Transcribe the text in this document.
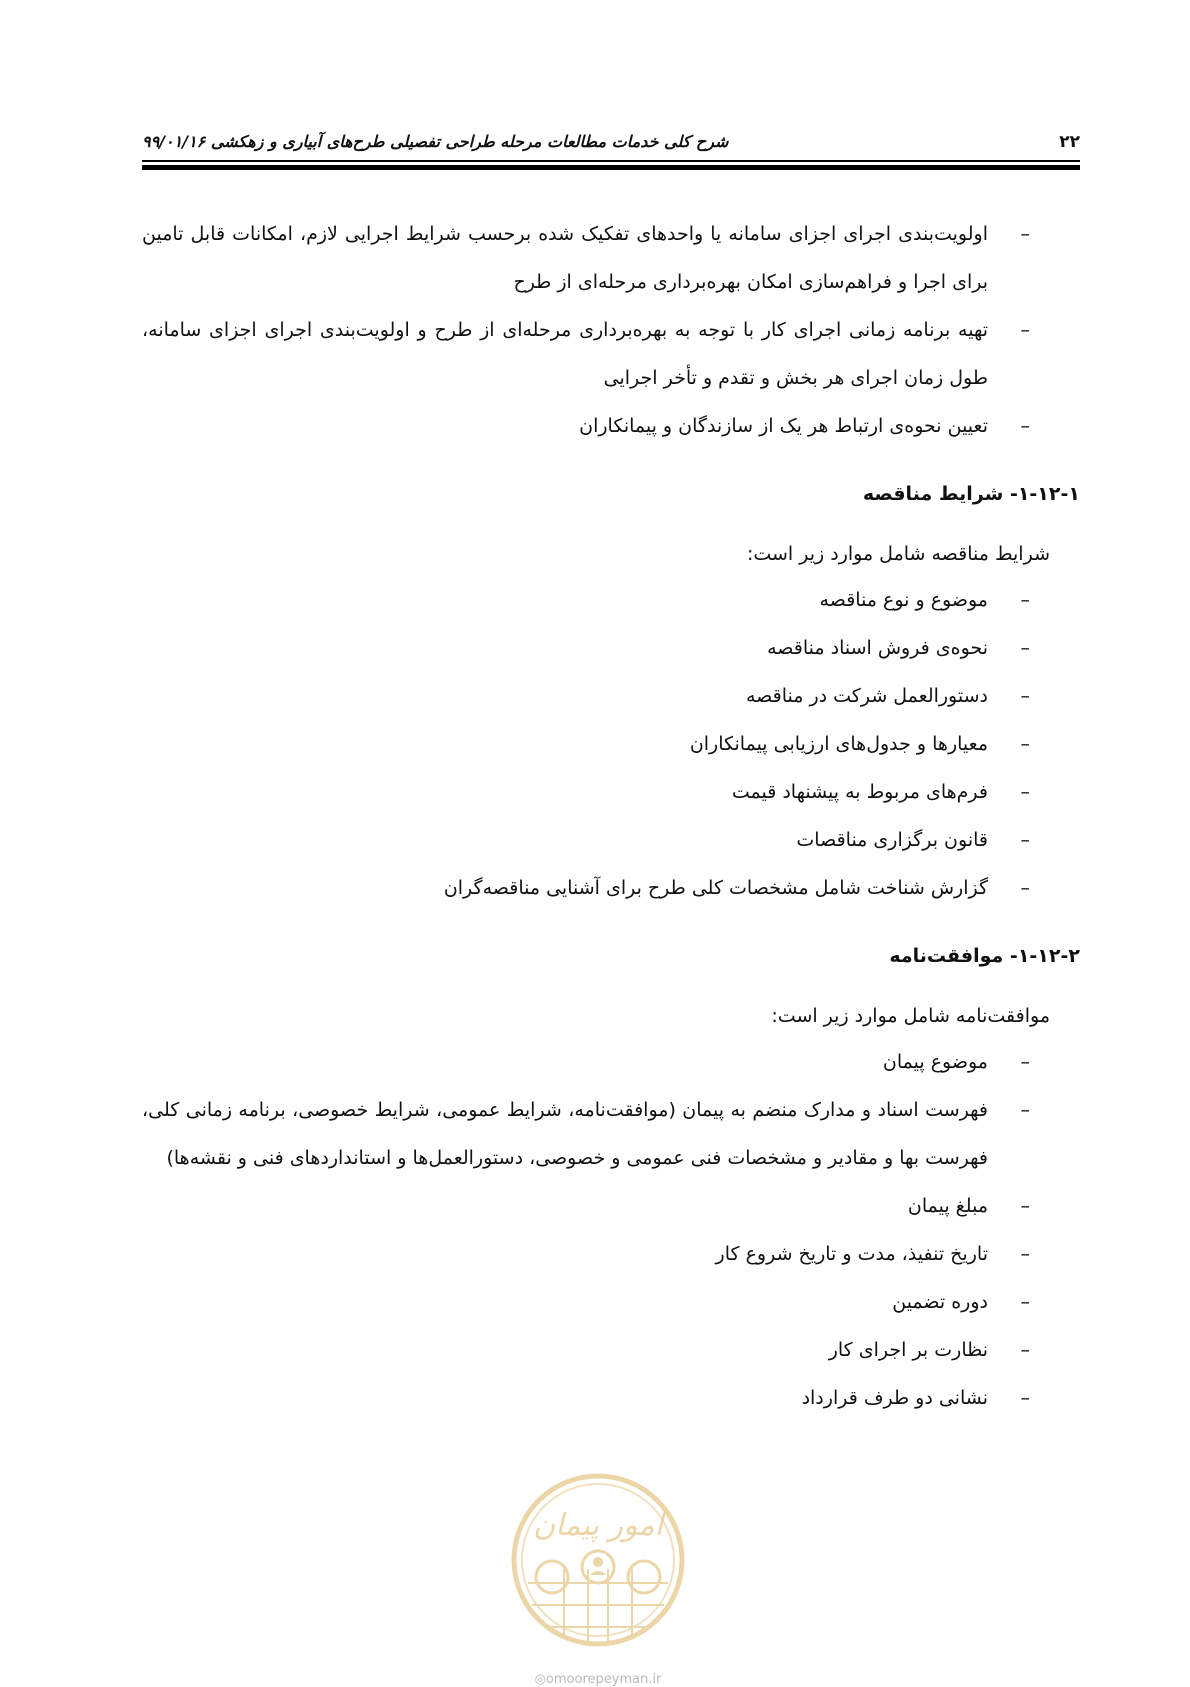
۲۲
شرح کلی خدمات مطالعات مرحله طراحی تفصیلی طرح‌های آبیاری و زهکشی ۹۹/۰۱/۱۶
–
اولویت‌بندی اجرای اجزای سامانه یا واحدهای تفکیک شده برحسب شرایط اجرایی لازم، امکانات قابل تامین برای اجرا و فراهم‌سازی امکان بهره‌برداری مرحله‌ای از طرح
–
تهیه برنامه زمانی اجرای کار با توجه به بهره‌برداری مرحله‌ای از طرح و اولویت‌بندی اجرای اجزای سامانه، طول زمان اجرای هر بخش و تقدم و تأخر اجرایی
–
تعیین نحوه‌ی ارتباط هر یک از سازندگان و پیمانکاران
۱-۱۲-۱- شرایط مناقصه
شرایط مناقصه شامل موارد زیر است:
–
موضوع و نوع مناقصه
–
نحوه‌ی فروش اسناد مناقصه
–
دستورالعمل شرکت در مناقصه
–
معیارها و جدول‌های ارزیابی پیمانکاران
–
فرم‌های مربوط به پیشنهاد قیمت
–
قانون برگزاری مناقصات
–
گزارش شناخت شامل مشخصات کلی طرح برای آشنایی مناقصه‌گران
۱-۱۲-۲- موافقت‌نامه
موافقت‌نامه شامل موارد زیر است:
–
موضوع پیمان
–
فهرست اسناد و مدارک منضم به پیمان (موافقت‌نامه، شرایط عمومی، شرایط خصوصی، برنامه زمانی کلی، فهرست بها و مقادیر و مشخصات فنی عمومی و خصوصی، دستورالعمل‌ها و استانداردهای فنی و نقشه‌ها)
–
مبلغ پیمان
–
تاریخ تنفیذ، مدت و تاریخ شروع کار
–
دوره تضمین
–
نظارت بر اجرای کار
–
نشانی دو طرف قرارداد
امور پیمان
◎omoorepeyman.ir
